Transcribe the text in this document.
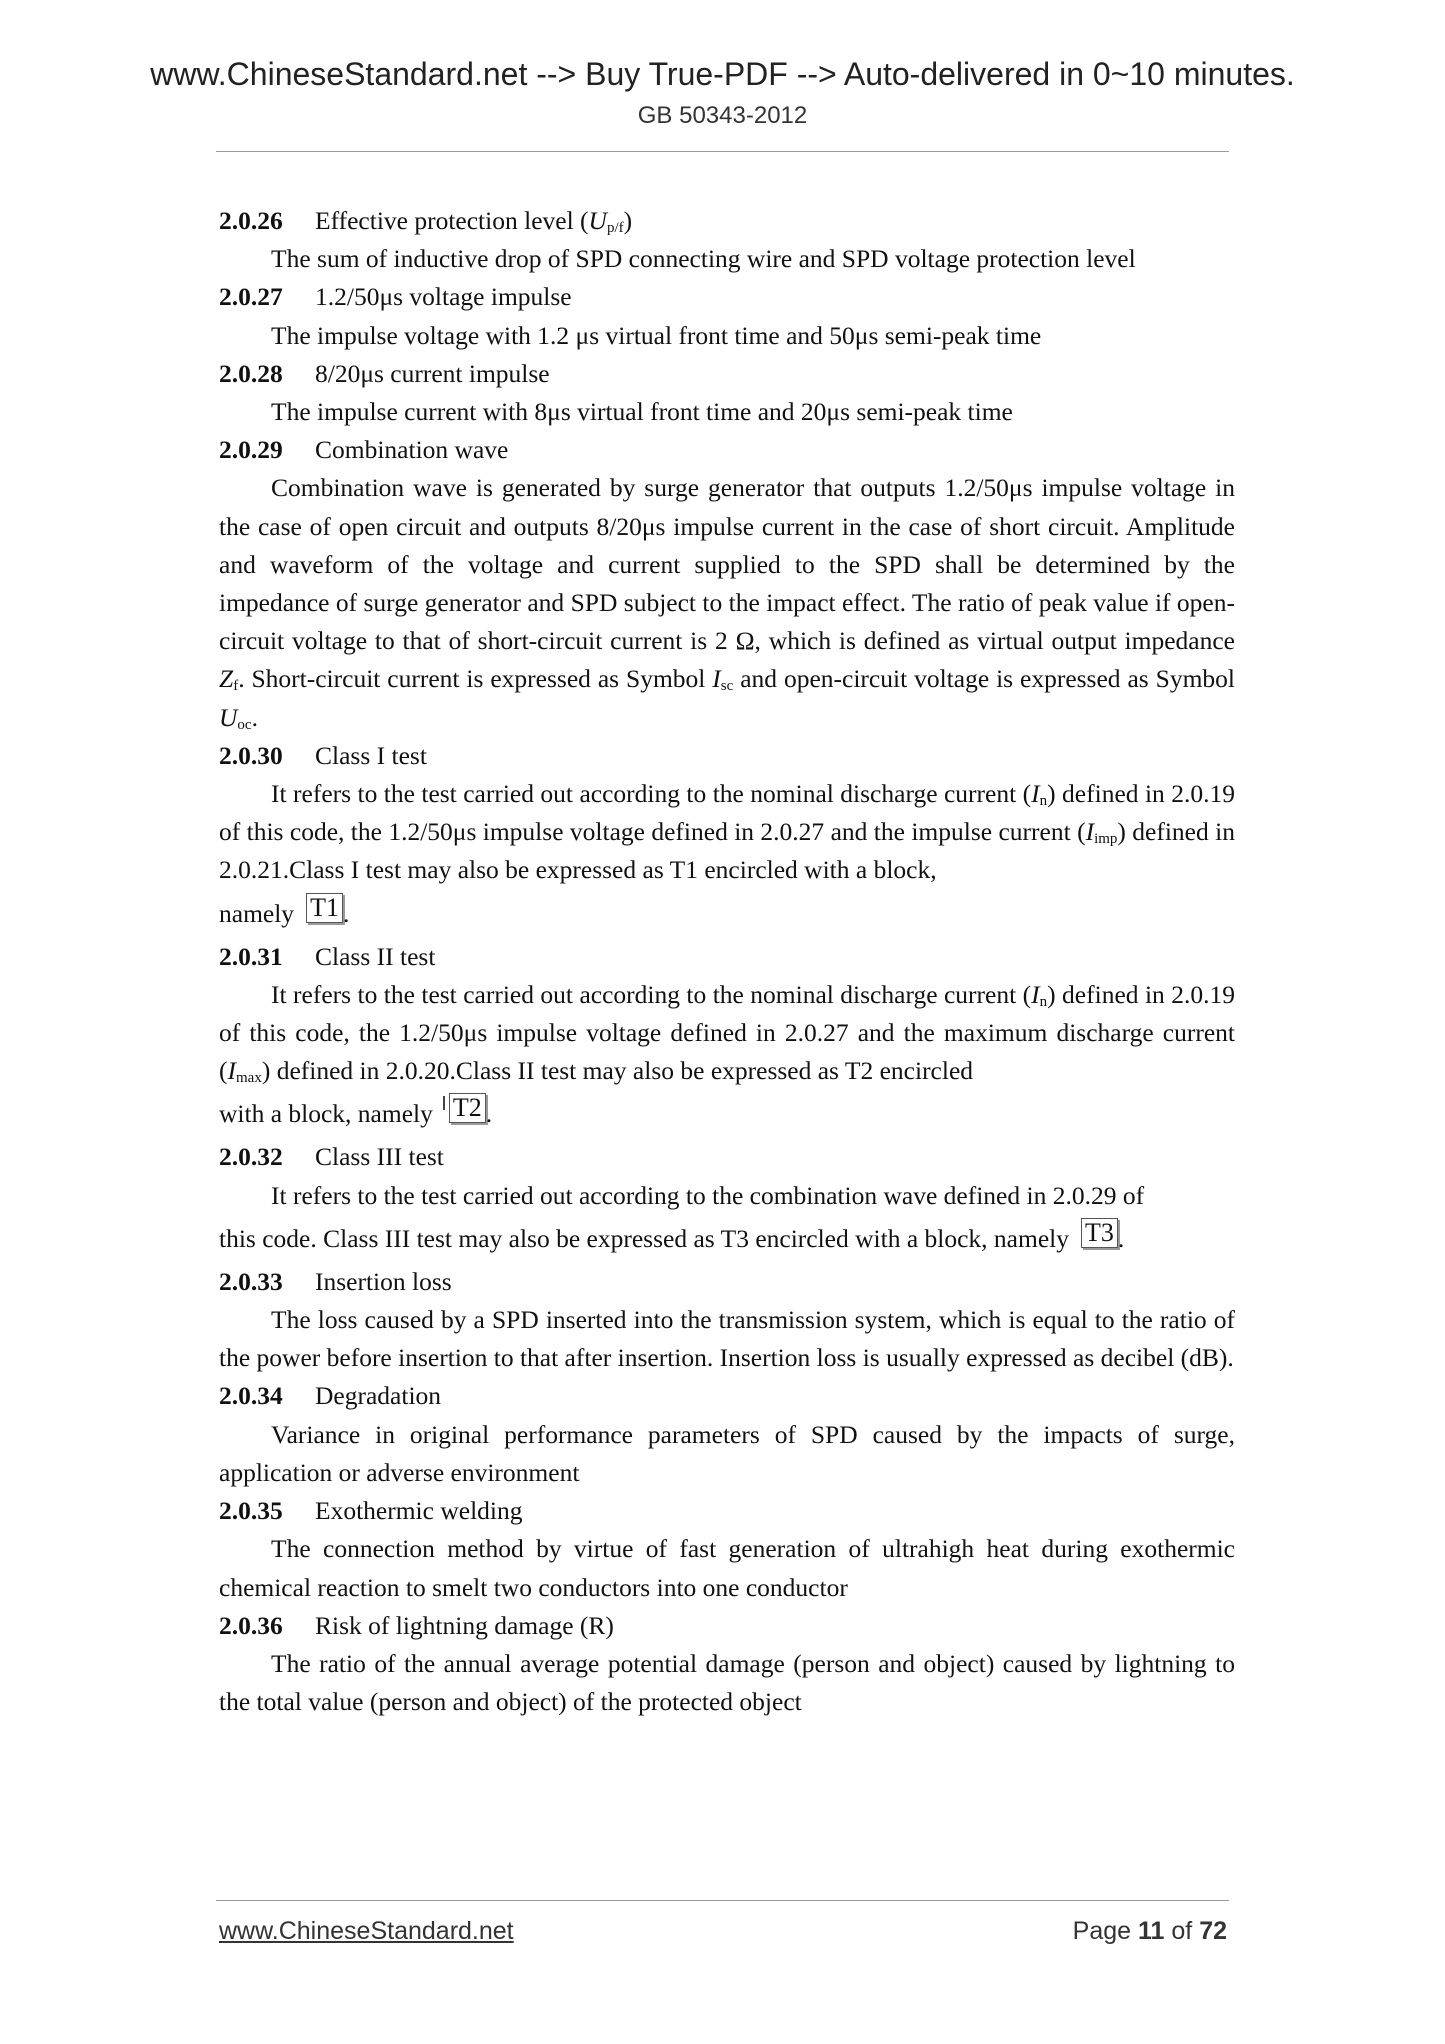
www.ChineseStandard.net --> Buy True-PDF --> Auto-delivered in 0~10 minutes.
GB 50343-2012

2.0.26 Effective protection level $(U_{p/f})$

The sum of inductive drop of SPD connecting wire and SPD voltage protection level

2.0.27 1.2/50μs voltage impulse

The impulse voltage with 1.2 μs virtual front time and 50μs semi-peak time

2.0.28 8/20μs current impulse

The impulse current with 8μs virtual front time and 20μs semi-peak time

2.0.29 Combination wave

Combination wave is generated by surge generator that outputs 1.2/50μs impulse voltage in the case of open circuit and outputs 8/20μs impulse current in the case of short circuit. Amplitude and waveform of the voltage and current supplied to the SPD shall be determined by the impedance of surge generator and SPD subject to the impact effect. The ratio of peak value if open-circuit voltage to that of short-circuit current is 2 Ω, which is defined as virtual output impedance $Z_f$. Short-circuit current is expressed as Symbol $I_{sc}$ and open-circuit voltage is expressed as Symbol $U_{oc}$.

2.0.30 Class I test

It refers to the test carried out according to the nominal discharge current $(I_n)$ defined in 2.0.19 of this code, the 1.2/50μs impulse voltage defined in 2.0.27 and the impulse current $(I_{imp})$ defined in 2.0.21.Class I test may also be expressed as T1 encircled with a block,

namely T1 .

2.0.31 Class II test

It refers to the test carried out according to the nominal discharge current $(I_n)$ defined in 2.0.19 of this code, the 1.2/50μs impulse voltage defined in 2.0.27 and the maximum discharge current $(I_{max})$ defined in 2.0.20.Class II test may also be expressed as T2 encircled

with a block, namely T2 .

2.0.32 Class III test

It refers to the test carried out according to the combination wave defined in 2.0.29 of

this code. Class III test may also be expressed as T3 encircled with a block, namely T3 .

2.0.33 Insertion loss

The loss caused by a SPD inserted into the transmission system, which is equal to the ratio of the power before insertion to that after insertion. Insertion loss is usually expressed as decibel (dB).

2.0.34 Degradation

Variance in original performance parameters of SPD caused by the impacts of surge, application or adverse environment

2.0.35 Exothermic welding

The connection method by virtue of fast generation of ultrahigh heat during exothermic chemical reaction to smelt two conductors into one conductor

2.0.36 Risk of lightning damage (R)

The ratio of the annual average potential damage (person and object) caused by lightning to the total value (person and object) of the protected object

www.ChineseStandard.net	Page 11 of 72
